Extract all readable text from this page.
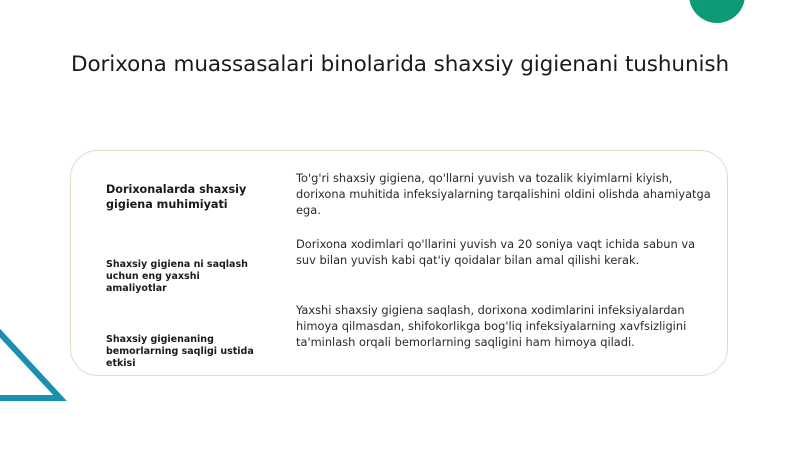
Dorixona muassasalari binolarida shaxsiy gigienani tushunish

Dorixonalarda shaxsiy gigiena muhimiyati

To'g'ri shaxsiy gigiena, qo'llarni yuvish va tozalik kiyimlarni kiyish, dorixona muhitida infeksiyalarning tarqalishini oldini olishda ahamiyatga ega.

Shaxsiy gigiena ni saqlash uchun eng yaxshi amaliyotlar

Dorixona xodimlari qo'llarini yuvish va 20 soniya vaqt ichida sabun va suv bilan yuvish kabi qat'iy qoidalar bilan amal qilishi kerak.

Shaxsiy gigienaning bemorlarning saqligi ustida etkisi

Yaxshi shaxsiy gigiena saqlash, dorixona xodimlarini infeksiyalardan himoya qilmasdan, shifokorlikga bog'liq infeksiyalarning xavfsizligini ta'minlash orqali bemorlarning saqligini ham himoya qiladi.
